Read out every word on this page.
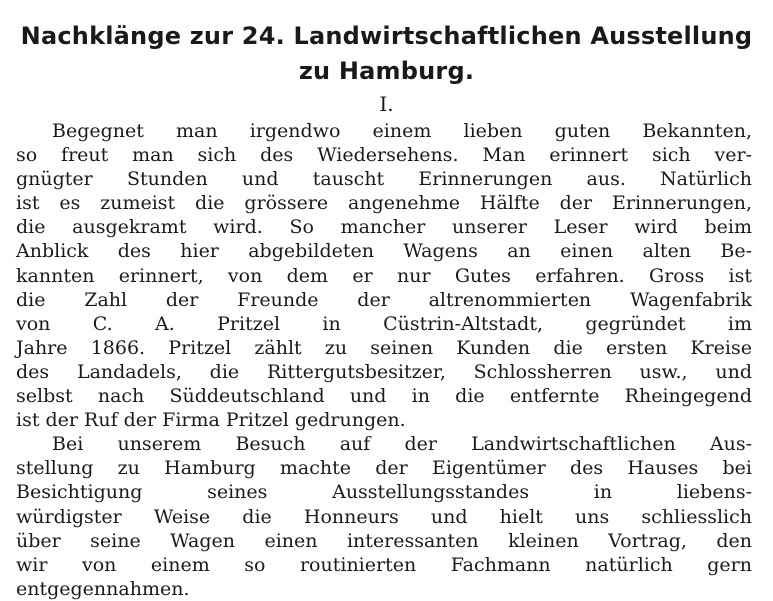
Nachklänge zur 24. Landwirtschaftlichen Ausstellung
zu Hamburg.
I.
Begegnet man irgendwo einem lieben guten Bekannten,
so freut man sich des Wiedersehens. Man erinnert sich ver-
gnügter Stunden und tauscht Erinnerungen aus. Natürlich
ist es zumeist die grössere angenehme Hälfte der Erinnerungen,
die ausgekramt wird. So mancher unserer Leser wird beim
Anblick des hier abgebildeten Wagens an einen alten Be-
kannten erinnert, von dem er nur Gutes erfahren. Gross ist
die Zahl der Freunde der altrenommierten Wagenfabrik
von C. A. Pritzel in Cüstrin-Altstadt, gegründet im
Jahre 1866. Pritzel zählt zu seinen Kunden die ersten Kreise
des Landadels, die Rittergutsbesitzer, Schlossherren usw., und
selbst nach Süddeutschland und in die entfernte Rheingegend
ist der Ruf der Firma Pritzel gedrungen.
Bei unserem Besuch auf der Landwirtschaftlichen Aus-
stellung zu Hamburg machte der Eigentümer des Hauses bei
Besichtigung seines Ausstellungsstandes in liebens-
würdigster Weise die Honneurs und hielt uns schliesslich
über seine Wagen einen interessanten kleinen Vortrag, den
wir von einem so routinierten Fachmann natürlich gern
entgegennahmen.
